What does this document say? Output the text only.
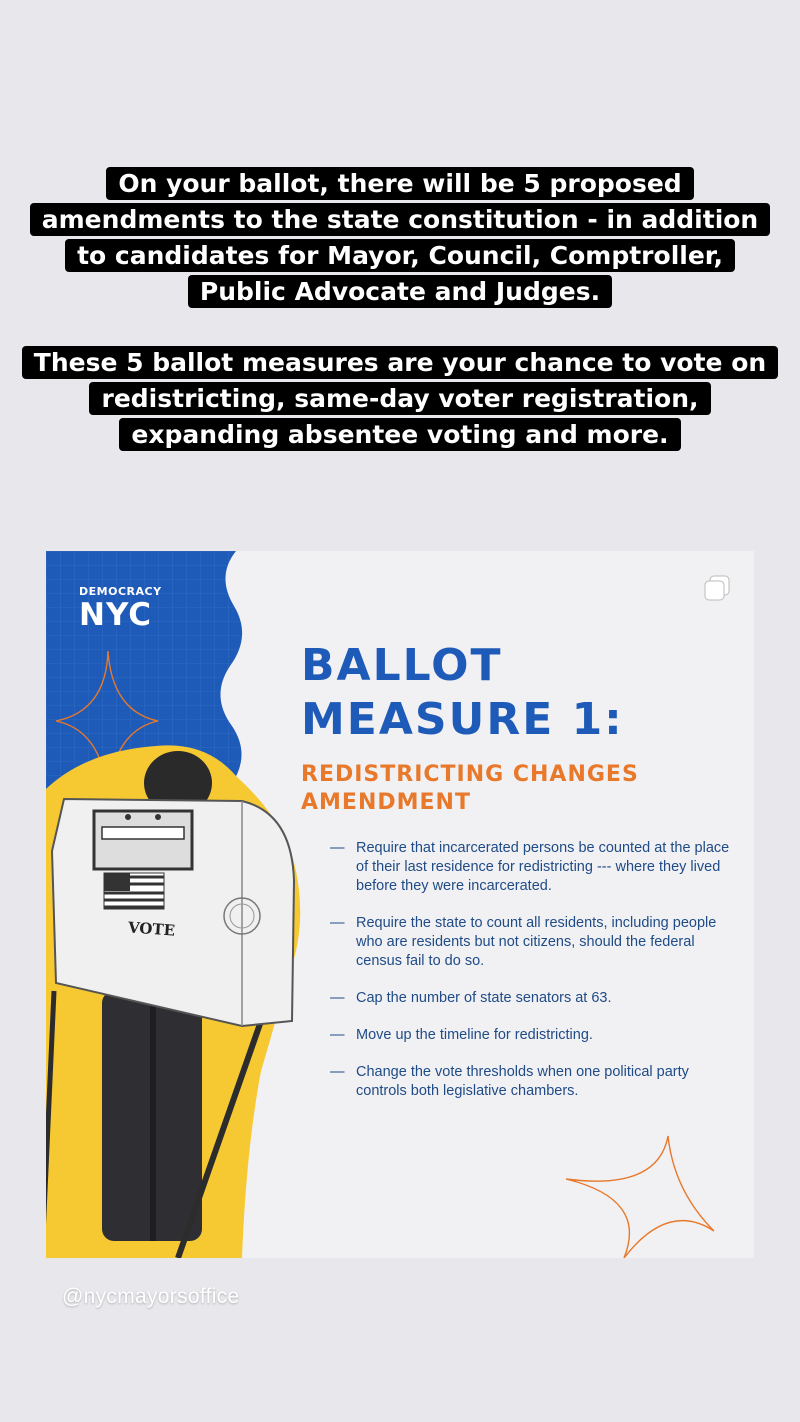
On your ballot, there will be 5 proposed
amendments to the state constitution - in addition
to candidates for Mayor, Council, Comptroller,
Public Advocate and Judges.
These 5 ballot measures are your chance to vote on
redistricting, same-day voter registration,
expanding absentee voting and more.
DEMOCRACY
NYC
VOTE
BALLOT
MEASURE 1:
REDISTRICTING CHANGES
AMENDMENT
— Require that incarcerated persons be counted at the place of their last residence for redistricting --- where they lived before they were incarcerated.
— Require the state to count all residents, including people who are residents but not citizens, should the federal census fail to do so.
— Cap the number of state senators at 63.
— Move up the timeline for redistricting.
— Change the vote thresholds when one political party controls both legislative chambers.
@nycmayorsoffice
